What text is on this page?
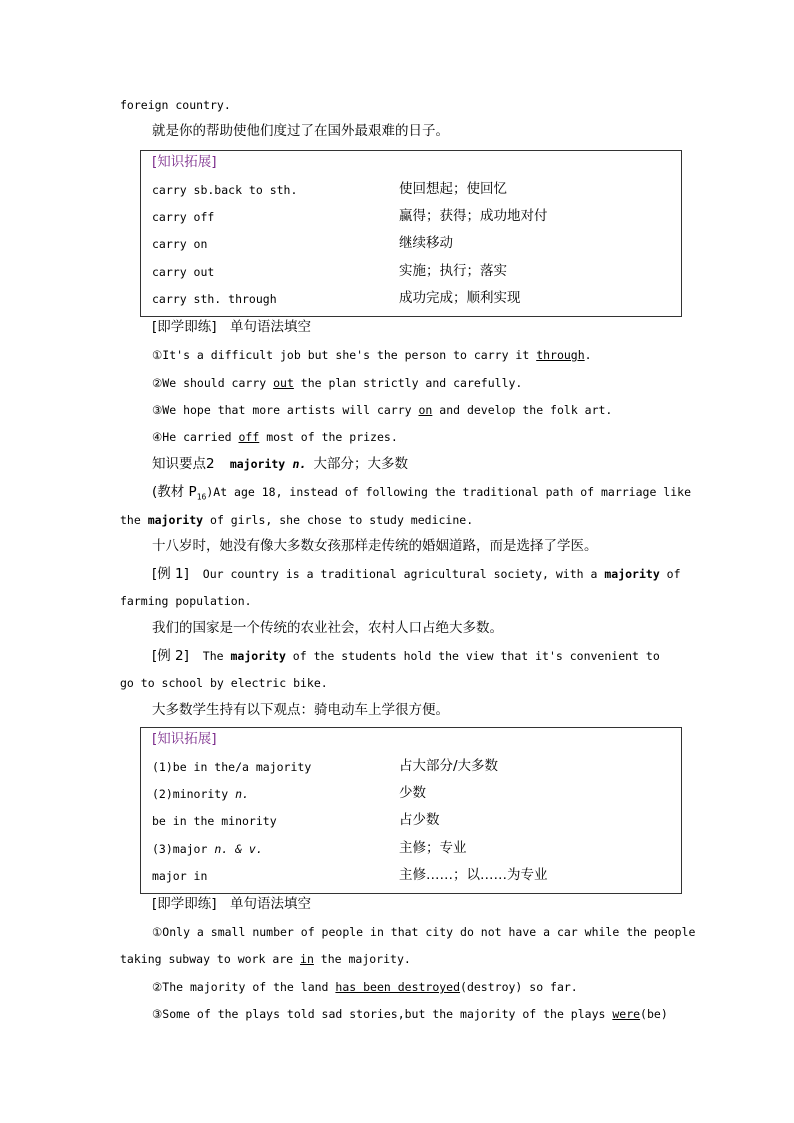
foreign country.
就是你的帮助使他们度过了在国外最艰难的日子。
[知识拓展]
carry sb.back to sth.	使回想起；使回忆
carry off	赢得；获得；成功地对付
carry on	继续移动
carry out	实施；执行；落实
carry sth. through	成功完成；顺利实现
[即学即练]　单句语法填空
①It's a difficult job but she's the person to carry it through.
②We should carry out the plan strictly and carefully.
③We hope that more artists will carry on and develop the folk art.
④He carried off most of the prizes.
知识要点2 majority n. 大部分；大多数
(教材 $P_{16})At$ age 18, instead of following the traditional path of marriage like
the majority of girls, she chose to study medicine.
十八岁时，她没有像大多数女孩那样走传统的婚姻道路，而是选择了学医。
[例 1] Our country is a traditional agricultural society, with a majority of
farming population.
我们的国家是一个传统的农业社会，农村人口占绝大多数。
[例 2] The majority of the students hold the view that it's convenient to
go to school by electric bike.
大多数学生持有以下观点：骑电动车上学很方便。
[知识拓展]
(1)be in the/a majority	占大部分/大多数
(2)minority n.	少数
be in the minority	占少数
(3)major n. & v.	主修；专业
major in	主修……；以……为专业
[即学即练]　单句语法填空
①Only a small number of people in that city do not have a car while the people
taking subway to work are in the majority.
②The majority of the land has been destroyed(destroy) so far.
③Some of the plays told sad stories,but the majority of the plays were(be)
